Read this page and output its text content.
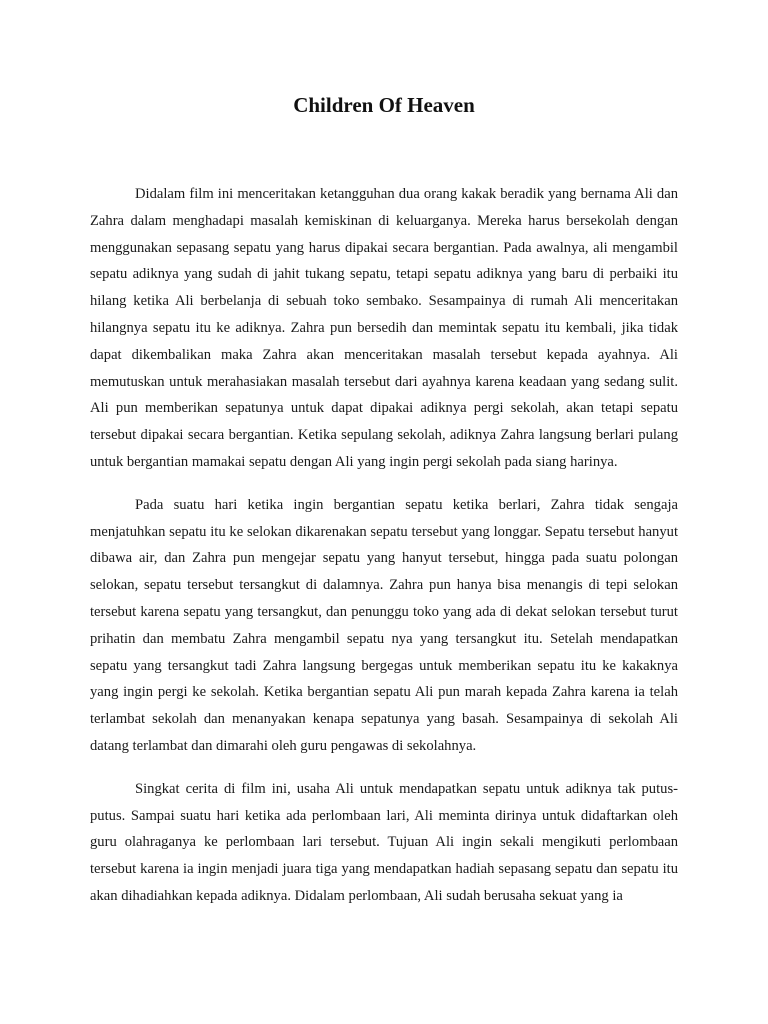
Children Of Heaven

Didalam film ini menceritakan ketangguhan dua orang kakak beradik yang bernama Ali dan Zahra dalam menghadapi masalah kemiskinan di keluarganya. Mereka harus bersekolah dengan menggunakan sepasang sepatu yang harus dipakai secara bergantian. Pada awalnya, ali mengambil sepatu adiknya yang sudah di jahit tukang sepatu, tetapi sepatu adiknya yang baru di perbaiki itu hilang ketika Ali berbelanja di sebuah toko sembako. Sesampainya di rumah Ali menceritakan hilangnya sepatu itu ke adiknya. Zahra pun bersedih dan memintak sepatu itu kembali, jika tidak dapat dikembalikan maka Zahra akan menceritakan masalah tersebut kepada ayahnya. Ali memutuskan untuk merahasiakan masalah tersebut dari ayahnya karena keadaan yang sedang sulit. Ali pun memberikan sepatunya untuk dapat dipakai adiknya pergi sekolah, akan tetapi sepatu tersebut dipakai secara bergantian. Ketika sepulang sekolah, adiknya Zahra langsung berlari pulang untuk bergantian mamakai sepatu dengan Ali yang ingin pergi sekolah pada siang harinya.

Pada suatu hari ketika ingin bergantian sepatu ketika berlari, Zahra tidak sengaja menjatuhkan sepatu itu ke selokan dikarenakan sepatu tersebut yang longgar. Sepatu tersebut hanyut dibawa air, dan Zahra pun mengejar sepatu yang hanyut tersebut, hingga pada suatu polongan selokan, sepatu tersebut tersangkut di dalamnya. Zahra pun hanya bisa menangis di tepi selokan tersebut karena sepatu yang tersangkut, dan penunggu toko yang ada di dekat selokan tersebut turut prihatin dan membatu Zahra mengambil sepatu nya yang tersangkut itu. Setelah mendapatkan sepatu yang tersangkut tadi Zahra langsung bergegas untuk memberikan sepatu itu ke kakaknya yang ingin pergi ke sekolah. Ketika bergantian sepatu Ali pun marah kepada Zahra karena ia telah terlambat sekolah dan menanyakan kenapa sepatunya yang basah. Sesampainya di sekolah Ali datang terlambat dan dimarahi oleh guru pengawas di sekolahnya.

Singkat cerita di film ini, usaha Ali untuk mendapatkan sepatu untuk adiknya tak putus-putus. Sampai suatu hari ketika ada perlombaan lari, Ali meminta dirinya untuk didaftarkan oleh guru olahraganya ke perlombaan lari tersebut. Tujuan Ali ingin sekali mengikuti perlombaan tersebut karena ia ingin menjadi juara tiga yang mendapatkan hadiah sepasang sepatu dan sepatu itu akan dihadiahkan kepada adiknya. Didalam perlombaan, Ali sudah berusaha sekuat yang ia
